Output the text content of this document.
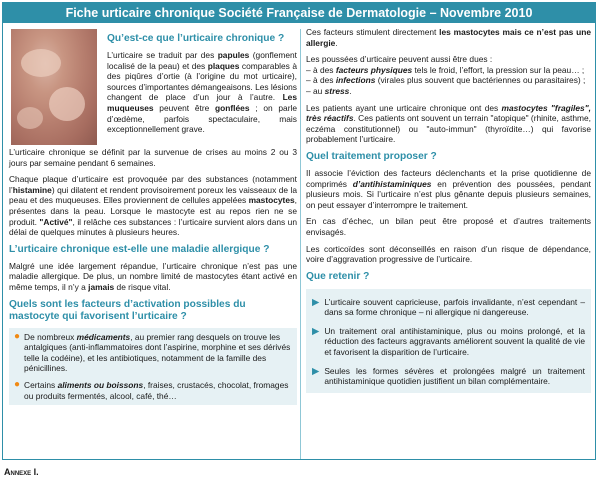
Fiche urticaire chronique Société Française de Dermatologie – Novembre 2010
Qu’est-ce que l’urticaire chronique ?

L’urticaire se traduit par des papules (gonflement localisé de la peau) et des plaques comparables à des piqûres d’ortie (à l’origine du mot urticaire), sources d’importantes démangeaisons. Les lésions changent de place d’un jour à l’autre. Les muqueuses peuvent être gonflées ; on parle d’œdème, parfois spectaculaire, mais exceptionnellement grave.

L’urticaire chronique se définit par la survenue de crises au moins 2 ou 3 jours par semaine pendant 6 semaines.

Chaque plaque d’urticaire est provoquée par des substances (notamment l’histamine) qui dilatent et rendent provisoirement poreux les vaisseaux de la peau et des muqueuses. Elles proviennent de cellules appelées mastocytes, présentes dans la peau. Lorsque le mastocyte est au repos rien ne se produit. "Activé", il relâche ces substances : l’urticaire survient alors dans un délai de quelques minutes à plusieurs heures.

L’urticaire chronique est-elle une maladie allergique ?

Malgré une idée largement répandue, l’urticaire chronique n’est pas une maladie allergique. De plus, un nombre limité de mastocytes étant activé en même temps, il n’y a jamais de risque vital.

Quels sont les facteurs d’activation possibles du mastocyte qui favorisent l’urticaire ?
● De nombreux médicaments, au premier rang desquels on trouve les antalgiques (anti-inflammatoires dont l’aspirine, morphine et ses dérivés telle la codéine), et les antibiotiques, notamment de la famille des pénicillines.
● Certains aliments ou boissons, fraises, crustacés, chocolat, fromages ou produits fermentés, alcool, café, thé…

Ces facteurs stimulent directement les mastocytes mais ce n’est pas une allergie.

Les poussées d’urticaire peuvent aussi être dues :
– à des facteurs physiques tels le froid, l’effort, la pression sur la peau… ;
– à des infections (virales plus souvent que bactériennes ou parasitaires) ;
– au stress.

Les patients ayant une urticaire chronique ont des mastocytes "fragiles", très réactifs. Ces patients ont souvent un terrain "atopique" (rhinite, asthme, eczéma constitutionnel) ou "auto-immun" (thyroïdite…) qui favorise probablement l’urticaire.

Quel traitement proposer ?

Il associe l’éviction des facteurs déclenchants et la prise quotidienne de comprimés d’antihistaminiques en prévention des poussées, pendant plusieurs mois. Si l’urticaire n’est plus gênante depuis plusieurs semaines, on peut essayer d’interrompre le traitement.

En cas d’échec, un bilan peut être proposé et d’autres traitements envisagés.

Les corticoïdes sont déconseillés en raison d’un risque de dépendance, voire d’aggravation progressive de l’urticaire.

Que retenir ?
▶ L’urticaire souvent capricieuse, parfois invalidante, n’est cependant – dans sa forme chronique – ni allergique ni dangereuse.
▶ Un traitement oral antihistaminique, plus ou moins prolongé, et la réduction des facteurs aggravants améliorent souvent la qualité de vie et favorisent la disparition de l’urticaire.
▶ Seules les formes sévères et prolongées malgré un traitement antihistaminique quotidien justifient un bilan complémentaire.
Annexe I.
